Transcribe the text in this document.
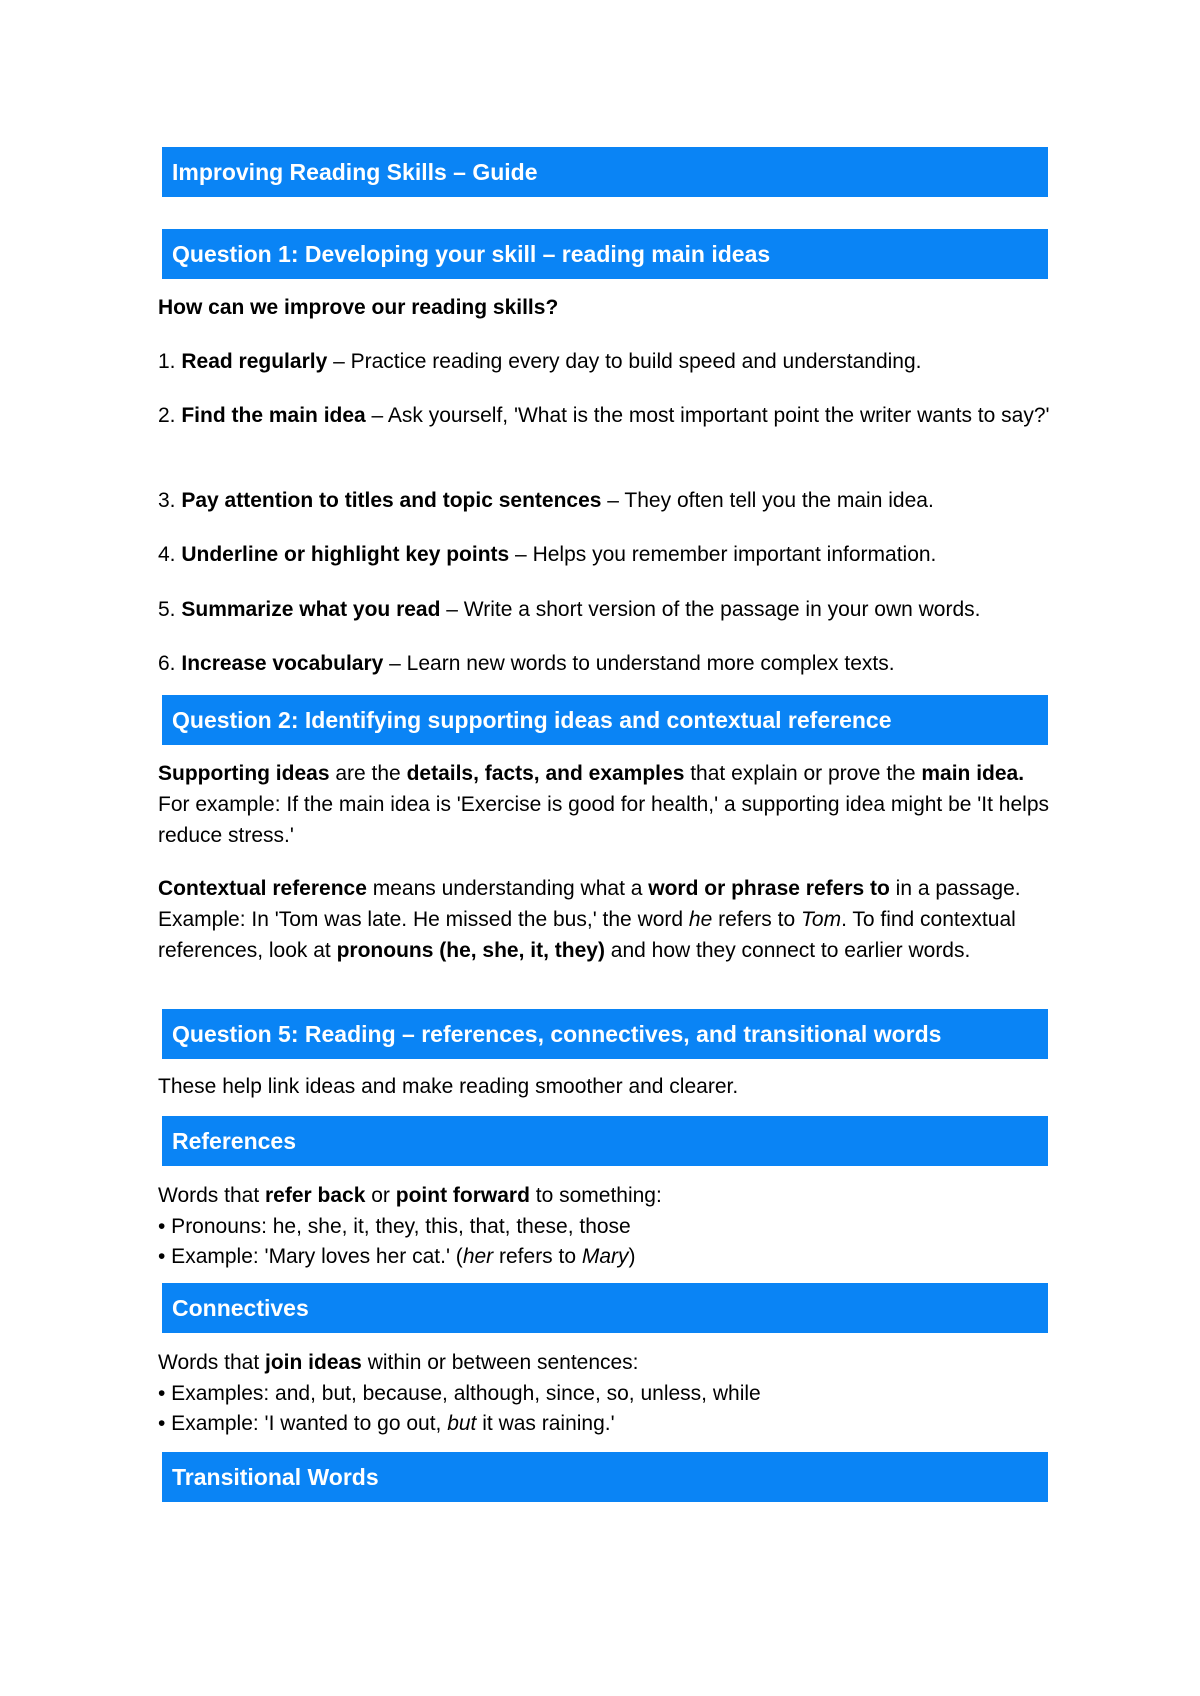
Improving Reading Skills – Guide
Question 1: Developing your skill – reading main ideas
How can we improve our reading skills?
1. Read regularly – Practice reading every day to build speed and understanding.
2. Find the main idea – Ask yourself, 'What is the most important point the writer wants to say?'
3. Pay attention to titles and topic sentences – They often tell you the main idea.
4. Underline or highlight key points – Helps you remember important information.
5. Summarize what you read – Write a short version of the passage in your own words.
6. Increase vocabulary – Learn new words to understand more complex texts.
Question 2: Identifying supporting ideas and contextual reference
Supporting ideas are the details, facts, and examples that explain or prove the main idea. For example: If the main idea is 'Exercise is good for health,' a supporting idea might be 'It helps reduce stress.'
Contextual reference means understanding what a word or phrase refers to in a passage. Example: In 'Tom was late. He missed the bus,' the word he refers to Tom. To find contextual references, look at pronouns (he, she, it, they) and how they connect to earlier words.
Question 5: Reading – references, connectives, and transitional words
These help link ideas and make reading smoother and clearer.
References
Words that refer back or point forward to something:
• Pronouns: he, she, it, they, this, that, these, those
• Example: 'Mary loves her cat.' (her refers to Mary)
Connectives
Words that join ideas within or between sentences:
• Examples: and, but, because, although, since, so, unless, while
• Example: 'I wanted to go out, but it was raining.'
Transitional Words
